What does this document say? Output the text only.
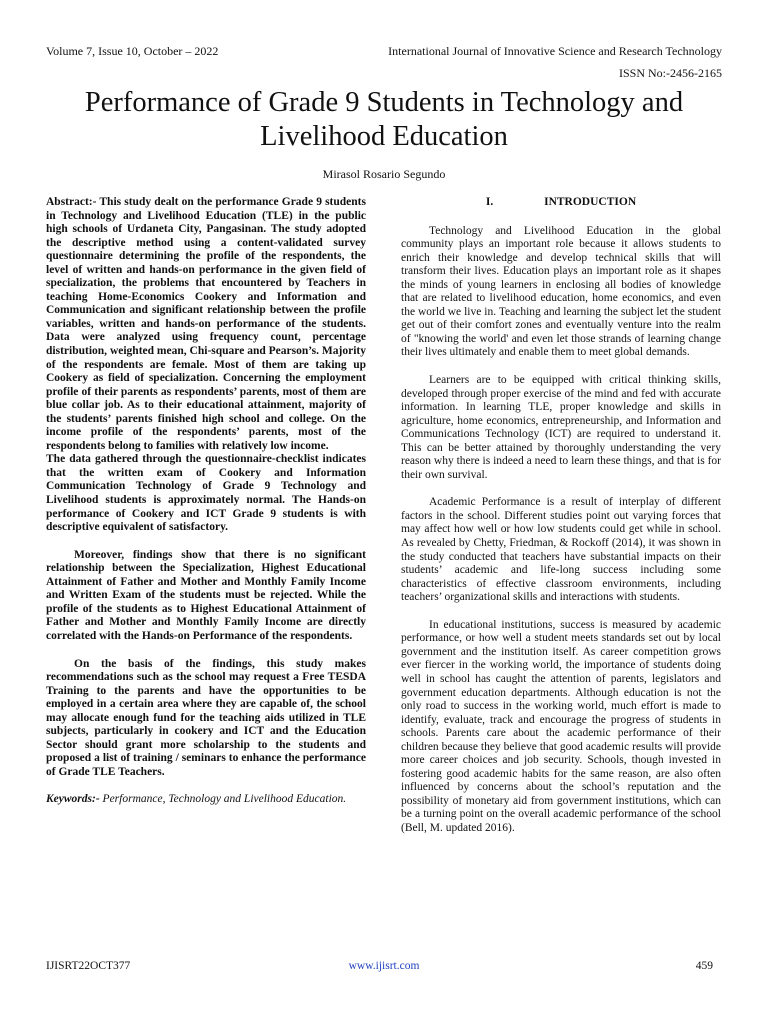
Volume 7, Issue 10, October – 2022	International Journal of Innovative Science and Research Technology
ISSN No:-2456-2165
Performance of Grade 9 Students in Technology and Livelihood Education
Mirasol Rosario Segundo

Abstract:- This study dealt on the performance Grade 9 students in Technology and Livelihood Education (TLE) in the public high schools of Urdaneta City, Pangasinan. The study adopted the descriptive method using a content-validated survey questionnaire determining the profile of the respondents, the level of written and hands-on performance in the given field of specialization, the problems that encountered by Teachers in teaching Home-Economics Cookery and Information and Communication and significant relationship between the profile variables, written and hands-on performance of the students. Data were analyzed using frequency count, percentage distribution, weighted mean, Chi-square and Pearson’s. Majority of the respondents are female. Most of them are taking up Cookery as field of specialization. Concerning the employment profile of their parents as respondents’ parents, most of them are blue collar job. As to their educational attainment, majority of the students’ parents finished high school and college. On the income profile of the respondents’ parents, most of the respondents belong to families with relatively low income.

The data gathered through the questionnaire-checklist indicates that the written exam of Cookery and Information Communication Technology of Grade 9 Technology and Livelihood students is approximately normal. The Hands-on performance of Cookery and ICT Grade 9 students is with descriptive equivalent of satisfactory.

Moreover, findings show that there is no significant relationship between the Specialization, Highest Educational Attainment of Father and Mother and Monthly Family Income and Written Exam of the students must be rejected. While the profile of the students as to Highest Educational Attainment of Father and Mother and Monthly Family Income are directly correlated with the Hands-on Performance of the respondents.

On the basis of the findings, this study makes recommendations such as the school may request a Free TESDA Training to the parents and have the opportunities to be employed in a certain area where they are capable of, the school may allocate enough fund for the teaching aids utilized in TLE subjects, particularly in cookery and ICT and the Education Sector should grant more scholarship to the students and proposed a list of training / seminars to enhance the performance of Grade TLE Teachers.

Keywords:- Performance, Technology and Livelihood Education.

I.	INTRODUCTION

Technology and Livelihood Education in the global community plays an important role because it allows students to enrich their knowledge and develop technical skills that will transform their lives. Education plays an important role as it shapes the minds of young learners in enclosing all bodies of knowledge that are related to livelihood education, home economics, and even the world we live in. Teaching and learning the subject let the student get out of their comfort zones and eventually venture into the realm of "knowing the world' and even let those strands of learning change their lives ultimately and enable them to meet global demands.

Learners are to be equipped with critical thinking skills, developed through proper exercise of the mind and fed with accurate information. In learning TLE, proper knowledge and skills in agriculture, home economics, entrepreneurship, and Information and Communications Technology (ICT) are required to understand it. This can be better attained by thoroughly understanding the very reason why there is indeed a need to learn these things, and that is for their own survival.

Academic Performance is a result of interplay of different factors in the school. Different studies point out varying forces that may affect how well or how low students could get while in school. As revealed by Chetty, Friedman, & Rockoff (2014), it was shown in the study conducted that teachers have substantial impacts on their students’ academic and life-long success including some characteristics of effective classroom environments, including teachers’ organizational skills and interactions with students.

In educational institutions, success is measured by academic performance, or how well a student meets standards set out by local government and the institution itself. As career competition grows ever fiercer in the working world, the importance of students doing well in school has caught the attention of parents, legislators and government education departments. Although education is not the only road to success in the working world, much effort is made to identify, evaluate, track and encourage the progress of students in schools. Parents care about the academic performance of their children because they believe that good academic results will provide more career choices and job security. Schools, though invested in fostering good academic habits for the same reason, are also often influenced by concerns about the school’s reputation and the possibility of monetary aid from government institutions, which can be a turning point on the overall academic performance of the school (Bell, M. updated 2016).

IJISRT22OCT377	www.ijisrt.com	459
